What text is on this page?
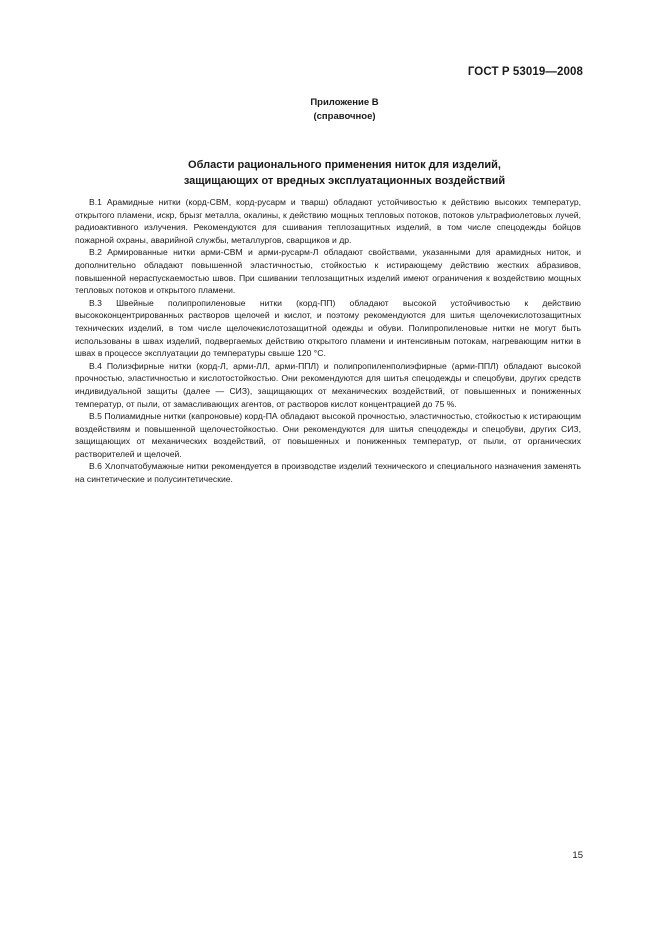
ГОСТ Р 53019—2008
Приложение В
(справочное)
Области рационального применения ниток для изделий,
защищающих от вредных эксплуатационных воздействий

В.1 Арамидные нитки (корд-СВМ, корд-русарм и тварш) обладают устойчивостью к действию высоких температур, открытого пламени, искр, брызг металла, окалины, к действию мощных тепловых потоков, потоков ультрафиолетовых лучей, радиоактивного излучения. Рекомендуются для сшивания теплозащитных изделий, в том числе спецодежды бойцов пожарной охраны, аварийной службы, металлургов, сварщиков и др.

В.2 Армированные нитки арми-СВМ и арми-русарм-Л обладают свойствами, указанными для арамидных ниток, и дополнительно обладают повышенной эластичностью, стойкостью к истирающему действию жестких абразивов, повышенной нераспускаемостью швов. При сшивании теплозащитных изделий имеют ограничения к воздействию мощных тепловых потоков и открытого пламени.

В.3 Швейные полипропиленовые нитки (корд-ПП) обладают высокой устойчивостью к действию высококонцентрированных растворов щелочей и кислот, и поэтому рекомендуются для шитья щелочекислотозащитных технических изделий, в том числе щелочекислотозащитной одежды и обуви. Полипропиленовые нитки не могут быть использованы в швах изделий, подвергаемых действию открытого пламени и интенсивным потокам, нагревающим нитки в швах в процессе эксплуатации до температуры свыше 120 °С.

В.4 Полиэфирные нитки (корд-Л, арми-ЛЛ, арми-ППЛ) и полипропиленполиэфирные (арми-ППЛ) обладают высокой прочностью, эластичностью и кислотостойкостью. Они рекомендуются для шитья спецодежды и спецобуви, других средств индивидуальной защиты (далее — СИЗ), защищающих от механических воздействий, от повышенных и пониженных температур, от пыли, от замасливающих агентов, от растворов кислот концентрацией до 75 %.

В.5 Полиамидные нитки (капроновые) корд-ПА обладают высокой прочностью, эластичностью, стойкостью к истирающим воздействиям и повышенной щелочестойкостью. Они рекомендуются для шитья спецодежды и спецобуви, других СИЗ, защищающих от механических воздействий, от повышенных и пониженных температур, от пыли, от органических растворителей и щелочей.

В.6 Хлопчатобумажные нитки рекомендуется в производстве изделий технического и специального назначения заменять на синтетические и полусинтетические.

15
